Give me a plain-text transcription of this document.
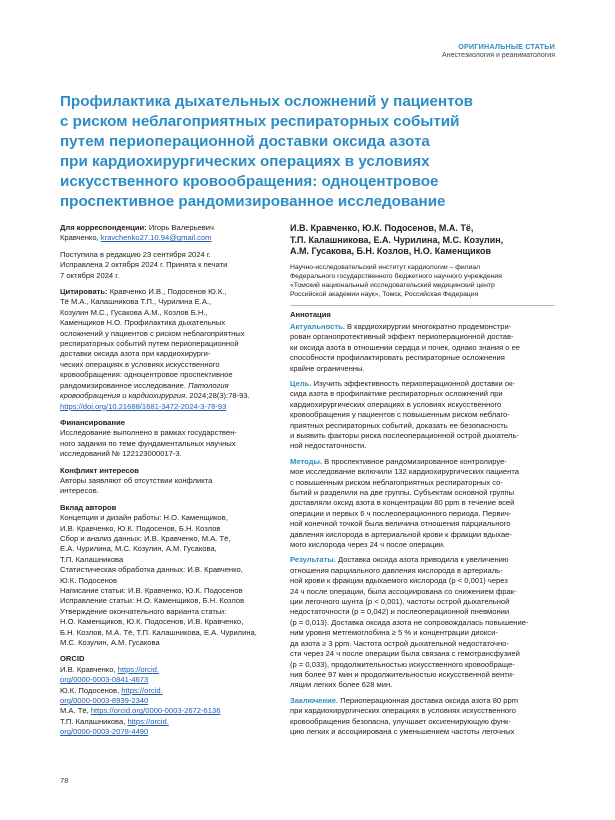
ОРИГИНАЛЬНЫЕ СТАТЬИ
Анестезиология и реаниматология
Профилактика дыхательных осложнений у пациентов
с риском неблагоприятных респираторных событий
путем периоперационной доставки оксида азота
при кардиохирургических операциях в условиях
искусственного кровообращения: одноцентровое
проспективное рандомизированное исследование
Для корреспонденции: Игорь Валерьевич
Кравченко, kravchenko27.10.94@gmail.com
Поступила в редакцию 23 сентября 2024 г.
Исправлена 2 октября 2024 г. Принята к печати
7 октября 2024 г.
Цитировать: Кравченко И.В., Подосенов Ю.К.,
Тё М.А., Калашникова Т.П., Чурилина Е.А.,
Козулин М.С., Гусакова А.М., Козлов Б.Н.,
Каменщиков Н.О. Профилактика дыхательных
осложнений у пациентов с риском неблагоприятных
респираторных событий путем периоперационной
доставки оксида азота при кардиохирурги-
ческих операциях в условиях искусственного
кровообращения: одноцентровое проспективное
рандомизированное исследование. Патология
кровообращения и кардиохирургия. 2024;28(3):78-93.
https://doi.org/10.21688/1681-3472-2024-3-78-93
Финансирование
Исследование выполнено в рамках государствен-
ного задания по теме фундаментальных научных
исследований № 122123000017-3.
Конфликт интересов
Авторы заявляют об отсутствии конфликта
интересов.
Вклад авторов
Концепция и дизайн работы: Н.О. Каменщиков,
И.В. Кравченко, Ю.К. Подосенов, Б.Н. Козлов
Сбор и анализ данных: И.В. Кравченко, М.А. Тё,
Е.А. Чурилина, М.С. Козулин, А.М. Гусакова,
Т.П. Калашникова
Статистическая обработка данных: И.В. Кравченко,
Ю.К. Подосенов
Написание статьи: И.В. Кравченко, Ю.К. Подосенов
Исправление статьи: Н.О. Каменщиков, Б.Н. Козлов
Утверждение окончательного варианта статьи:
Н.О. Каменщиков, Ю.К. Подосенов, И.В. Кравченко,
Б.Н. Козлов, М.А. Тё, Т.П. Калашникова, Е.А. Чурилина,
М.С. Козулин, А.М. Гусакова
ORCID
И.В. Кравченко, https://orcid.
org/0000-0003-0841-4673
Ю.К. Подосенов, https://orcid.
org/0000-0003-8939-2340
М.А. Тё, https://orcid.org/0000-0003-2672-6136
Т.П. Калашникова, https://orcid.
org/0000-0003-2078-4490
И.В. Кравченко, Ю.К. Подосенов, М.А. Тё,
Т.П. Калашникова, Е.А. Чурилина, М.С. Козулин,
А.М. Гусакова, Б.Н. Козлов, Н.О. Каменщиков
Научно-исследовательский институт кардиологии – филиал
Федерального государственного бюджетного научного учреждения
«Томский национальный исследовательский медицинский центр
Российской академии наук», Томск, Российская Федерация
Аннотация
Актуальность. В кардиохирургии многократно продемонстри-
рован органопротективный эффект периоперационной достав-
ки оксида азота в отношении сердца и почек, однако знания о ее
способности профилактировать респираторные осложнения
крайне ограниченны.
Цель. Изучить эффективность периоперационной доставки ок-
сида азота в профилактике респираторных осложнений при
кардиохирургических операциях в условиях искусственного
кровообращения у пациентов с повышенным риском неблаго-
приятных респираторных событий, доказать ее безопасность
и выявить факторы риска послеоперационной острой дыхатель-
ной недостаточности.
Методы. В проспективное рандомизированное контролируе-
мое исследование включили 132 кардиохирургических пациента
с повышенным риском неблагоприятных респираторных со-
бытий и разделили на две группы. Субъектам основной группы
доставляли оксид азота в концентрации 80 ppm в течение всей
операции и первых 6 ч послеоперационного периода. Первич-
ной конечной точкой была величина отношения парциального
давления кислорода в артериальной крови к фракции вдыхае-
мого кислорода через 24 ч после операции.
Результаты. Доставка оксида азота приводила к увеличению
отношения парциального давления кислорода в артериаль-
ной крови к фракции вдыхаемого кислорода (p < 0,001) через
24 ч после операции, была ассоциирована со снижением фрак-
ции легочного шунта (p < 0,001), частоты острой дыхательной
недостаточности (p = 0,042) и послеоперационной пневмонии
(p = 0,013). Доставка оксида азота не сопровождалась повышение-
ним уровня метгемоглобина ≥ 5 % и концентрации диокси-
да азота ≥ 3 ppm. Частота острой дыхательной недостаточно-
сти через 24 ч после операции была связана с гемотрансфузией
(p = 0,033), продолжительностью искусственного кровообраще-
ния более 97 мин и продолжительностью искусственной венти-
ляции легких более 628 мин.
Заключение. Периоперационная доставка оксида азота 80 ppm
при кардиохирургических операциях в условиях искусственного
кровообращения безопасна, улучшает оксигенирующую функ-
цию легких и ассоциирована с уменьшением частоты легочных
78
